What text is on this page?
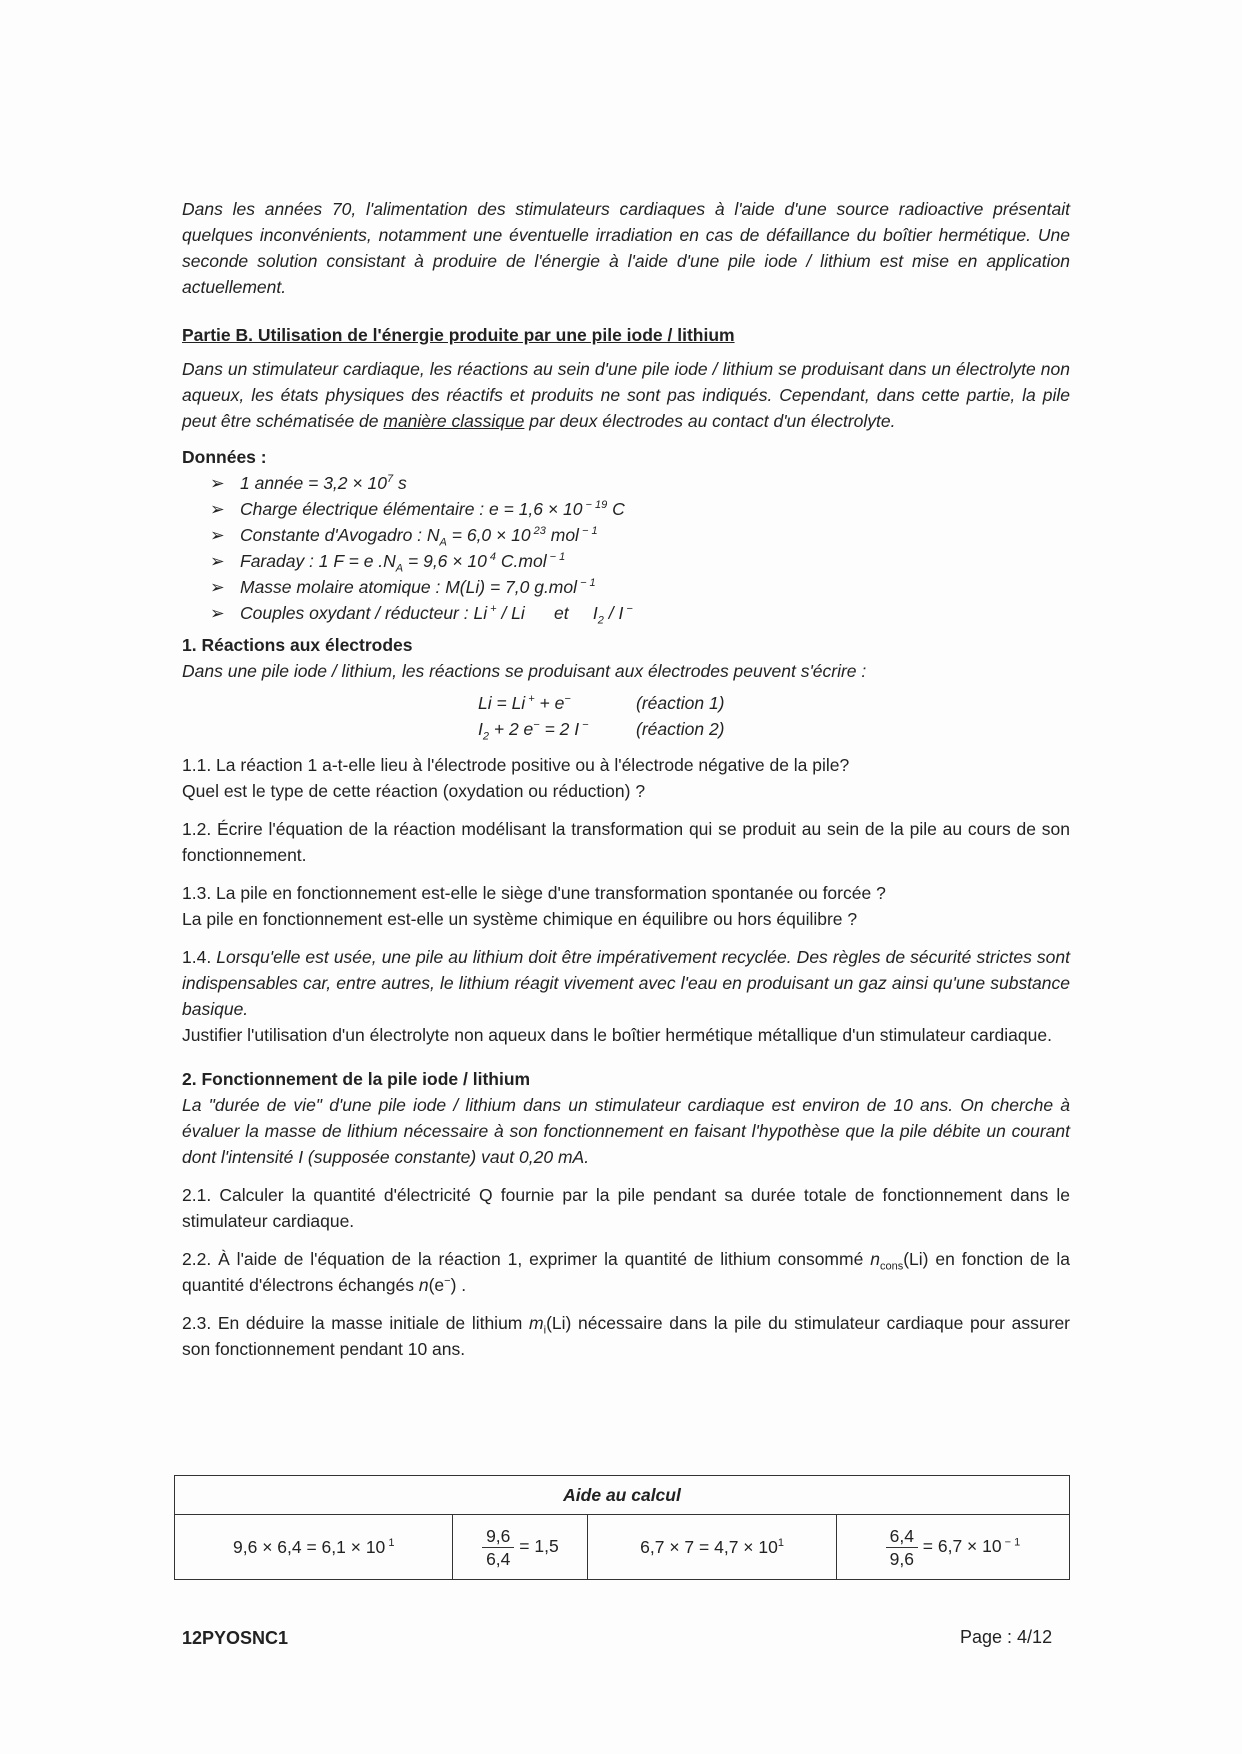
Dans les années 70, l'alimentation des stimulateurs cardiaques à l'aide d'une source radioactive présentait quelques inconvénients, notamment une éventuelle irradiation en cas de défaillance du boîtier hermétique. Une seconde solution consistant à produire de l'énergie à l'aide d'une pile iode / lithium est mise en application actuellement.

Partie B. Utilisation de l'énergie produite par une pile iode / lithium

Dans un stimulateur cardiaque, les réactions au sein d'une pile iode / lithium se produisant dans un électrolyte non aqueux, les états physiques des réactifs et produits ne sont pas indiqués. Cependant, dans cette partie, la pile peut être schématisée de manière classique par deux électrodes au contact d'un électrolyte.

Données :

➢ 1 année = $3,2 \times 10^7$ s
➢ Charge électrique élémentaire : e = 1,6 × 10 $^{- 19}$ C
➢ Constante d'Avogadro : $N_A = 6,0 \times 10$ $^{23}$ mol $^{- 1}$
➢ Faraday : 1 F = e $.N_A = 9,6 \times 10$ $^4$ C.mol $^{- 1}$
➢ Masse molaire atomique : M(Li) = 7,0 g.mol $^{- 1}$
➢ Couples oxydant / réducteur : Li + / Li      et     $I_2$ / I −
1. Réactions aux électrodes

Dans une pile iode / lithium, les réactions se produisant aux électrodes peuvent s'écrire :

Li = Li + + e−	(réaction 1)
$I_2 + 2$ e− = 2 I −	(réaction 2)

1.1. La réaction 1 a-t-elle lieu à l'électrode positive ou à l'électrode négative de la pile?

Quel est le type de cette réaction (oxydation ou réduction) ?

1.2. Écrire l'équation de la réaction modélisant la transformation qui se produit au sein de la pile au cours de son fonctionnement.

1.3. La pile en fonctionnement est-elle le siège d'une transformation spontanée ou forcée ?

La pile en fonctionnement est-elle un système chimique en équilibre ou hors équilibre ?

1.4. Lorsqu'elle est usée, une pile au lithium doit être impérativement recyclée. Des règles de sécurité strictes sont indispensables car, entre autres, le lithium réagit vivement avec l'eau en produisant un gaz ainsi qu'une substance basique.

Justifier l'utilisation d'un électrolyte non aqueux dans le boîtier hermétique métallique d'un stimulateur cardiaque.

2. Fonctionnement de la pile iode / lithium

La "durée de vie" d'une pile iode / lithium dans un stimulateur cardiaque est environ de 10 ans. On cherche à évaluer la masse de lithium nécessaire à son fonctionnement en faisant l'hypothèse que la pile débite un courant dont l'intensité I (supposée constante) vaut 0,20 mA.

2.1. Calculer la quantité d'électricité Q fournie par la pile pendant sa durée totale de fonctionnement dans le stimulateur cardiaque.

2.2. À l'aide de l'équation de la réaction 1, exprimer la quantité de lithium consommé $n_{cons}(Li)$ en fonction de la quantité d'électrons échangés n(e−) .

2.3. En déduire la masse initiale de lithium $m_i(Li)$ nécessaire dans la pile du stimulateur cardiaque pour assurer son fonctionnement pendant 10 ans.

Aide au calcul
9,6 × 6,4 = 6,1 × 10 $^1$	$\frac{9,6}{6,4} = 1,5$	$6,7 \times 7 = 4,7 \times 10^1$	$\frac{6,4}{9,6} = 6,7 \times 10$ $^{- 1}$
12PYOSNC1	Page : 4/12
